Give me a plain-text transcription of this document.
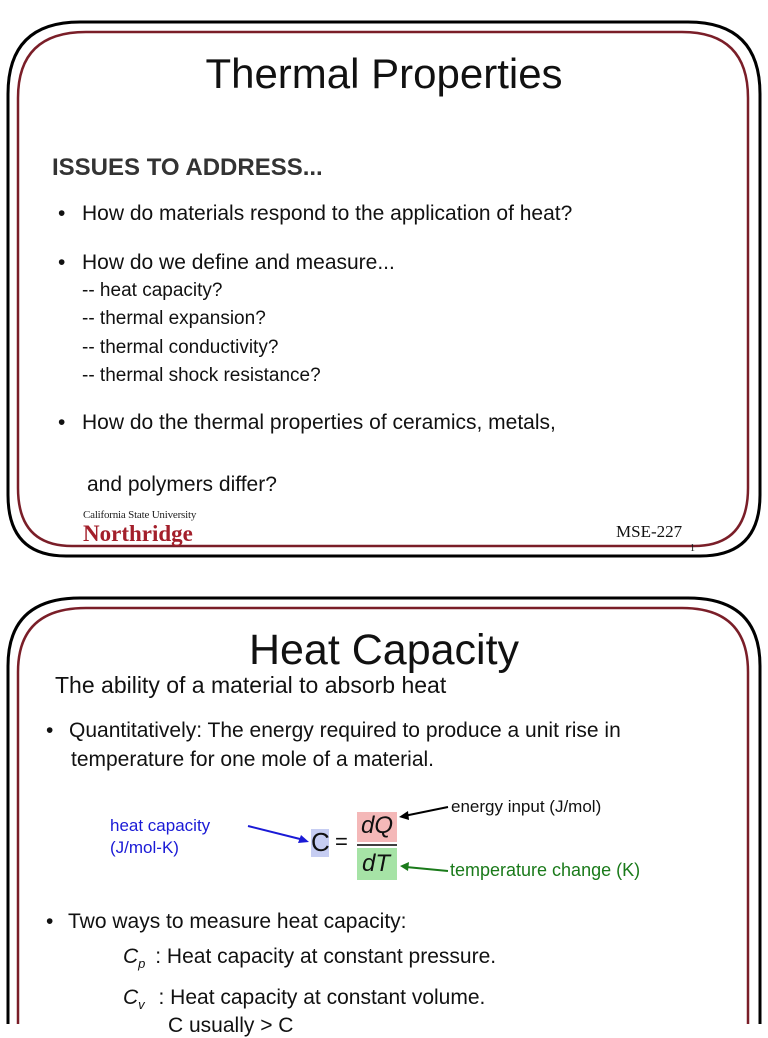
Thermal Properties
ISSUES TO ADDRESS...
• How do materials respond to the application of heat?
• How do we define and measure...
-- heat capacity?
-- thermal expansion?
-- thermal conductivity?
-- thermal shock resistance?
• How do the thermal properties of ceramics, metals,
and polymers differ?
California State University
Northridge	MSE-227
1
Heat Capacity
The ability of a material to absorb heat
• Quantitatively: The energy required to produce a unit rise in
temperature for one mole of a material.
heat capacity
(J/mol-K)	C =
dQ
dT
energy input (J/mol)
temperature change (K)
• Two ways to measure heat capacity:
$C_p$ : Heat capacity at constant pressure.
$C_v$ : Heat capacity at constant volume.
C usually > C
